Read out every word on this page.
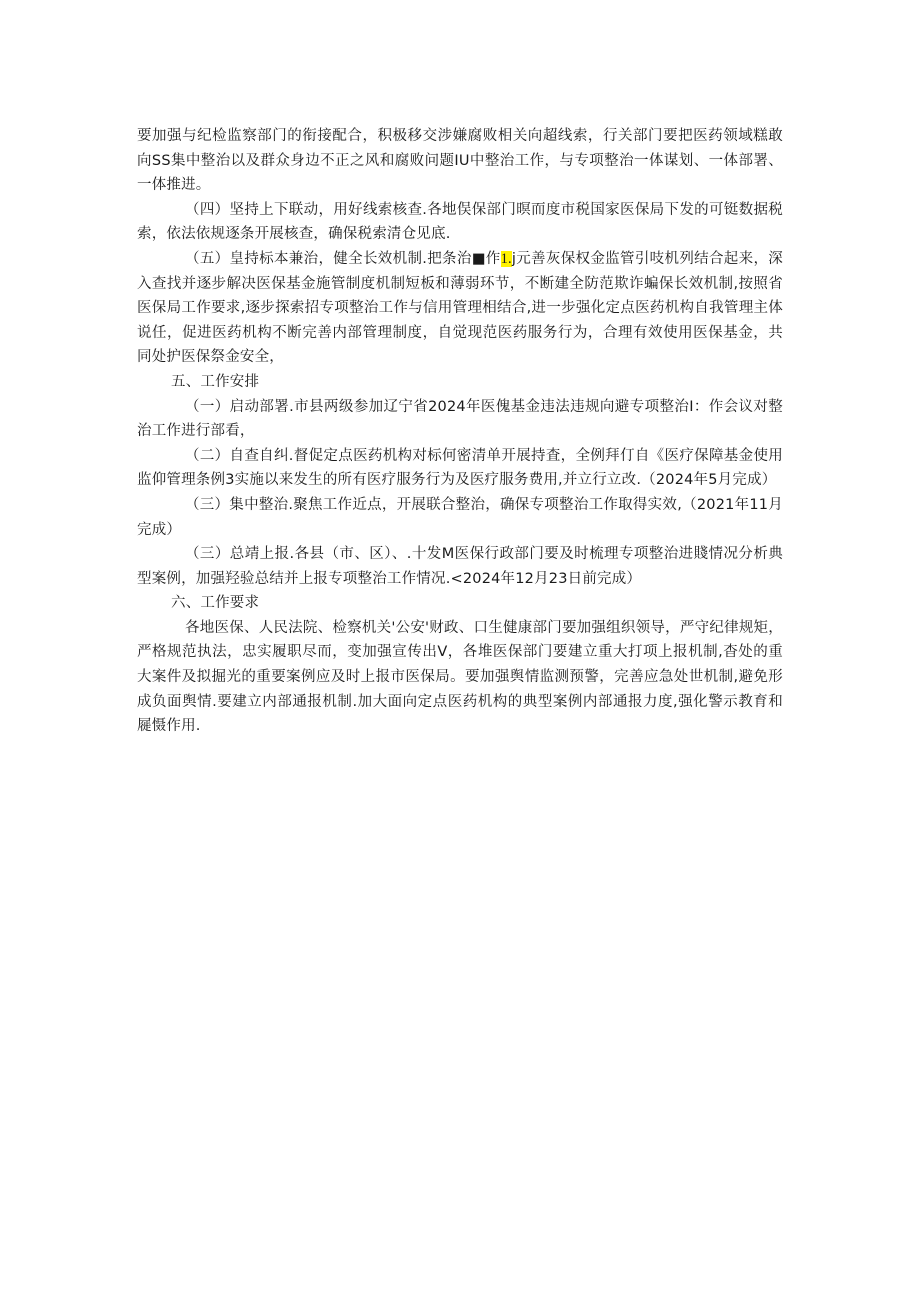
要加强与纪检监察部门的衔接配合，积极移交涉嫌腐败相关向超线索，行关部门要把医药领域糕敢向SS集中整治以及群众身边不正之风和腐败问题IU中整治工作，与专项整治一体谋划、一体部署、一体推进。

（四）坚持上下联动，用好线索核查.各地俣保部门暝而度市税国家医保局下发的可铤数据税索，依法依规逐条开展核查，确保税索清仓见底.

（五）皇持标本兼治，健全长效机制.把条治■作1.j元善灰保权金监管引吱机列结合起来，深入查找并逐步解决医保基金施管制度机制短板和薄弱环节，不断建全防范欺诈蝙保长效机制,按照省医保局工作要求,逐步探索招专项整治工作与信用管理相结合,进一步强化定点医药机构自我管理主体说任，促进医药机构不断完善内部管理制度，自觉现范医药服务行为，合理有效使用医保基金，共同处护医保祭金安全，

五、工作安排

（一）启动部署.市县两级参加辽宁省2024年医傀基金违法违规向避专项整治I：作会议对整治工作进行部看，

（二）自查自纠.督促定点医药机构对标何密清单开展持査，全例拜仃自《医疗保障基金使用监仰管理条例3实施以来发生的所有医疗服务行为及医疗服务费用,并立行立改.（2024年5月完成）

（三）集中整治.聚焦工作近点，开展联合整治，确保专项整治工作取得实效,（2021年11月完成）

（三）总靖上报.各县（市、区）、.十发M医保行政部门要及时梳理专项整治进賤情况分析典型案例，加强羟验总结并上报专项整治工作情况.<2024年12月23日前完成）

六、工作要求

各地医保、人民法院、检察机关'公安'财政、口生健康部门要加强组织领导，严守纪律规矩，严格规范执法，忠实履职尽而，变加强宣传出V，各堆医保部门要建立重大打项上报机制,杳处的重大案件及拟掘光的重要案例应及时上报市医保局。要加强舆情监测预警，完善应急处世机制,避免形成负面舆情.要建立内部通报机制.加大面向定点医药机构的典型案例内部通报力度,强化警示教育和屣慑作用.
